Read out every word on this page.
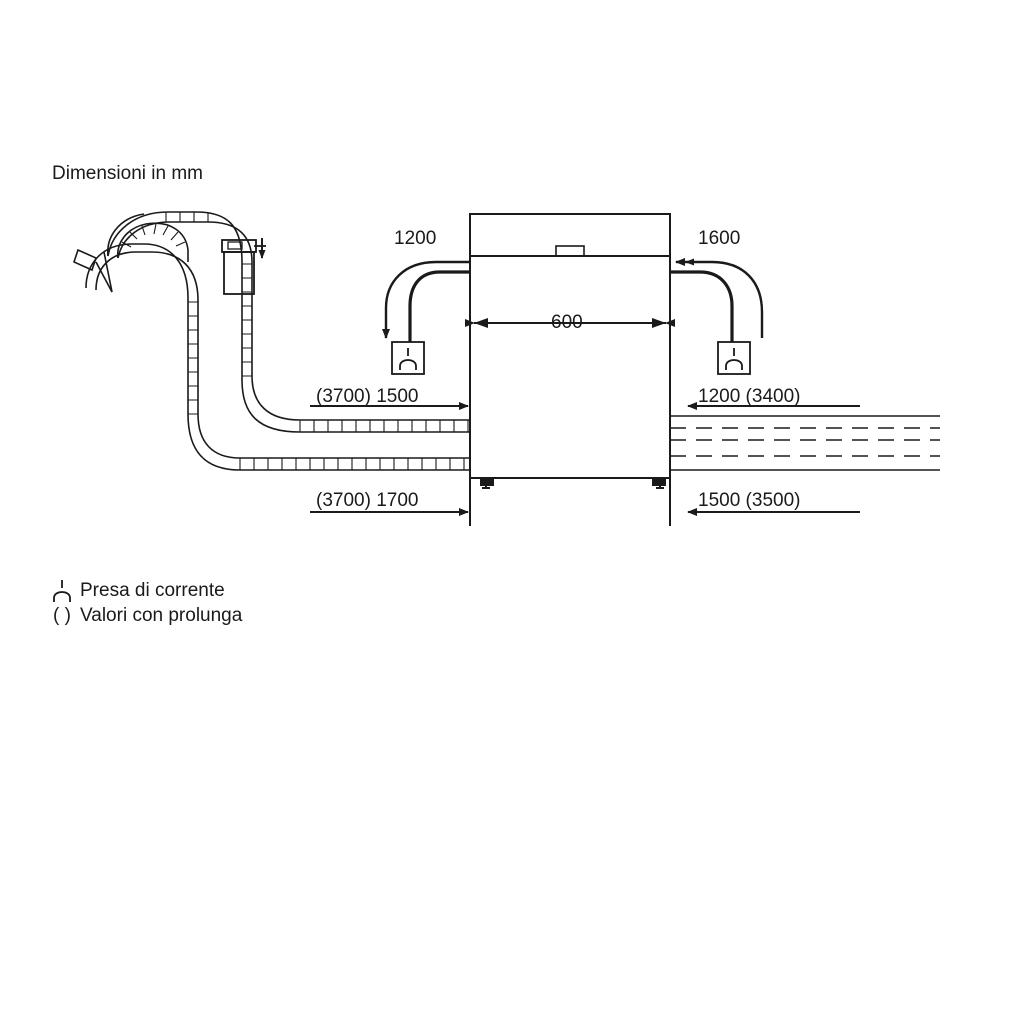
Dimensioni in mm
1200	1600
600
(3700) 1500	1200 (3400)
(3700) 1700	1500 (3500)

Presa di corrente
( ) Valori con prolunga
